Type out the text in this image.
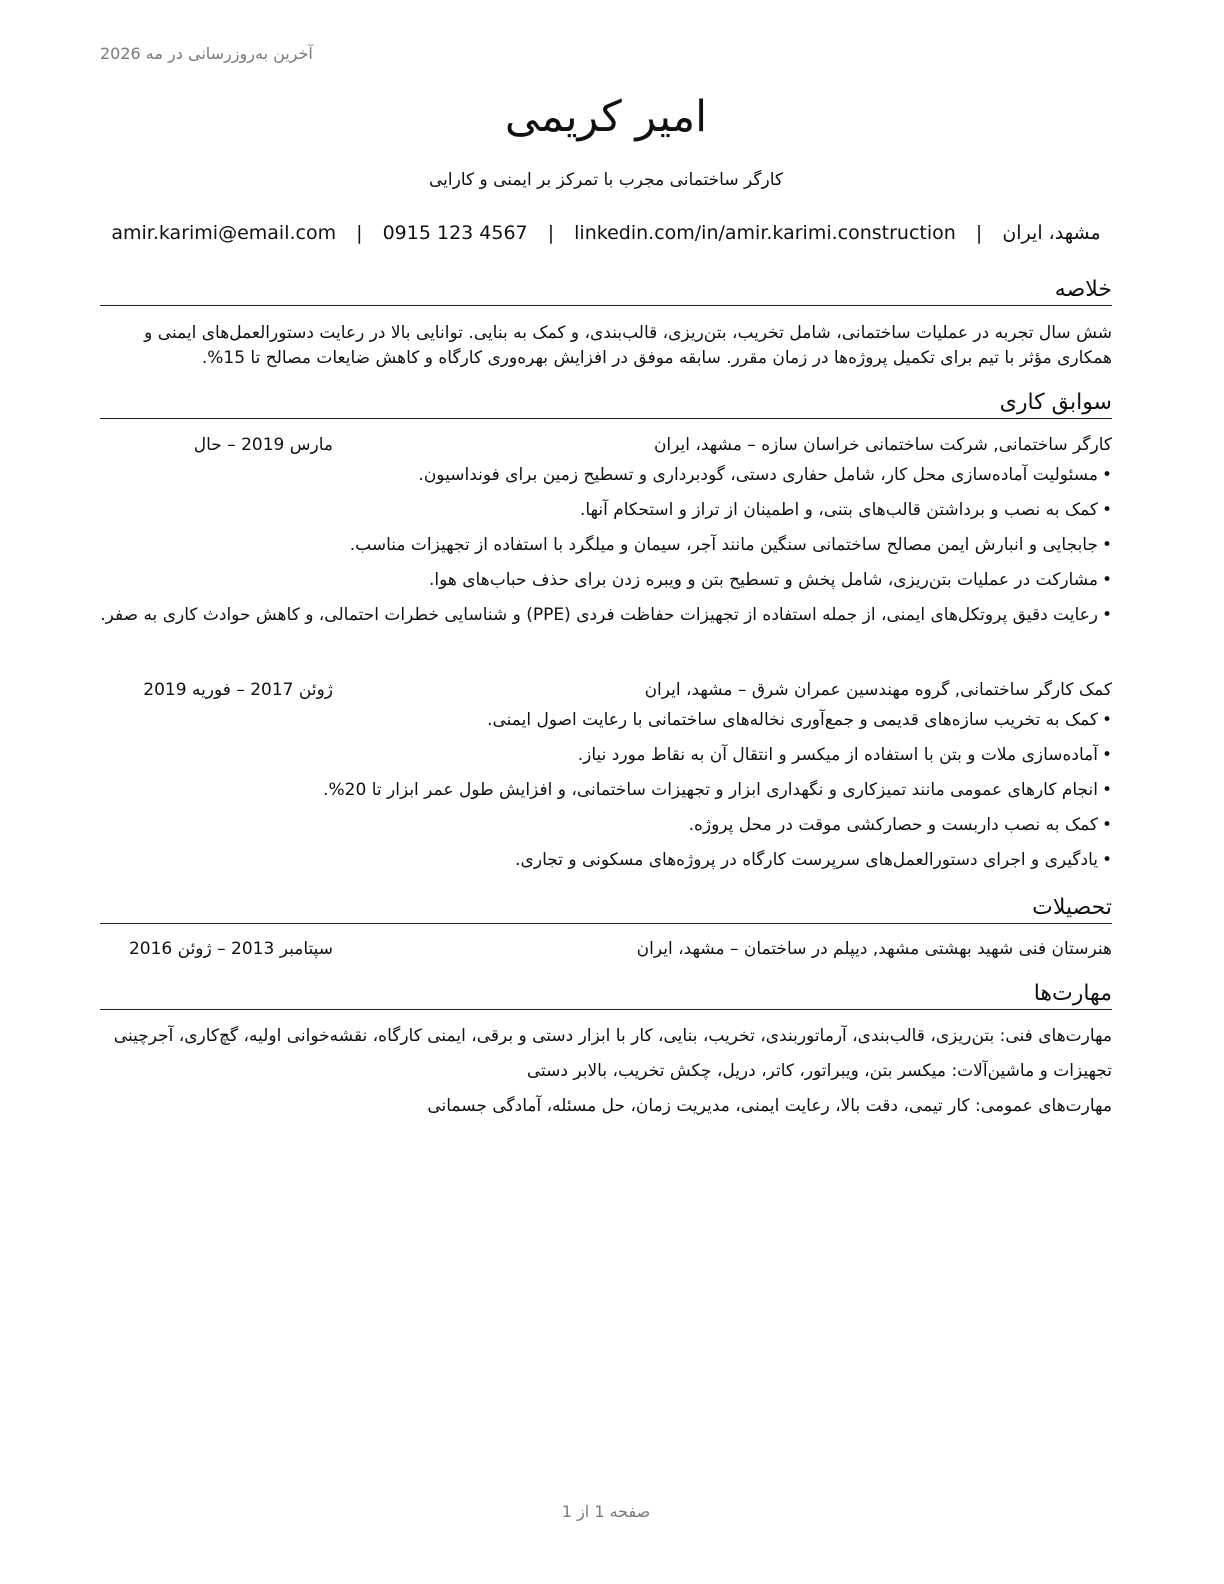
آخرین به‌روزرسانی در مه 2026
امیر کریمی
کارگر ساختمانی مجرب با تمرکز بر ایمنی و کارایی
مشهد، ایران | amir.karimi@email.com | 0915 123 4567 | linkedin.com/in/amir.karimi.construction
خلاصه
شش سال تجربه در عملیات ساختمانی، شامل تخریب، بتن‌ریزی، قالب‌بندی، و کمک به بنایی. توانایی بالا در رعایت دستورالعمل‌های ایمنی و همکاری مؤثر با تیم برای تکمیل پروژه‌ها در زمان مقرر. سابقه موفق در افزایش بهره‌وری کارگاه و کاهش ضایعات مصالح تا 15%.
سوابق کاری
کارگر ساختمانی, شرکت ساختمانی خراسان سازه – مشهد، ایران
مارس 2019 – حال
• مسئولیت آماده‌سازی محل کار، شامل حفاری دستی، گودبرداری و تسطیح زمین برای فونداسیون.
• کمک به نصب و برداشتن قالب‌های بتنی، و اطمینان از تراز و استحکام آنها.
• جابجایی و انبارش ایمن مصالح ساختمانی سنگین مانند آجر، سیمان و میلگرد با استفاده از تجهیزات مناسب.
• مشارکت در عملیات بتن‌ریزی، شامل پخش و تسطیح بتن و ویبره زدن برای حذف حباب‌های هوا.
• رعایت دقیق پروتکل‌های ایمنی، از جمله استفاده از تجهیزات حفاظت فردی (PPE) و شناسایی خطرات احتمالی، و کاهش حوادث کاری به صفر.
کمک کارگر ساختمانی, گروه مهندسین عمران شرق – مشهد، ایران
ژوئن 2017 – فوریه 2019
• کمک به تخریب سازه‌های قدیمی و جمع‌آوری نخاله‌های ساختمانی با رعایت اصول ایمنی.
• آماده‌سازی ملات و بتن با استفاده از میکسر و انتقال آن به نقاط مورد نیاز.
• انجام کارهای عمومی مانند تمیزکاری و نگهداری ابزار و تجهیزات ساختمانی، و افزایش طول عمر ابزار تا 20%.
• کمک به نصب داربست و حصارکشی موقت در محل پروژه.
• یادگیری و اجرای دستورالعمل‌های سرپرست کارگاه در پروژه‌های مسکونی و تجاری.
تحصیلات
هنرستان فنی شهید بهشتی مشهد, دیپلم در ساختمان – مشهد، ایران
سپتامبر 2013 – ژوئن 2016
مهارت‌ها
مهارت‌های فنی: بتن‌ریزی، قالب‌بندی، آرماتوربندی، تخریب، بنایی، کار با ابزار دستی و برقی، ایمنی کارگاه، نقشه‌خوانی اولیه، گچ‌کاری، آجرچینی
تجهیزات و ماشین‌آلات: میکسر بتن، ویبراتور، کاتر، دریل، چکش تخریب، بالابر دستی
مهارت‌های عمومی: کار تیمی، دقت بالا، رعایت ایمنی، مدیریت زمان، حل مسئله، آمادگی جسمانی
صفحه 1 از 1
